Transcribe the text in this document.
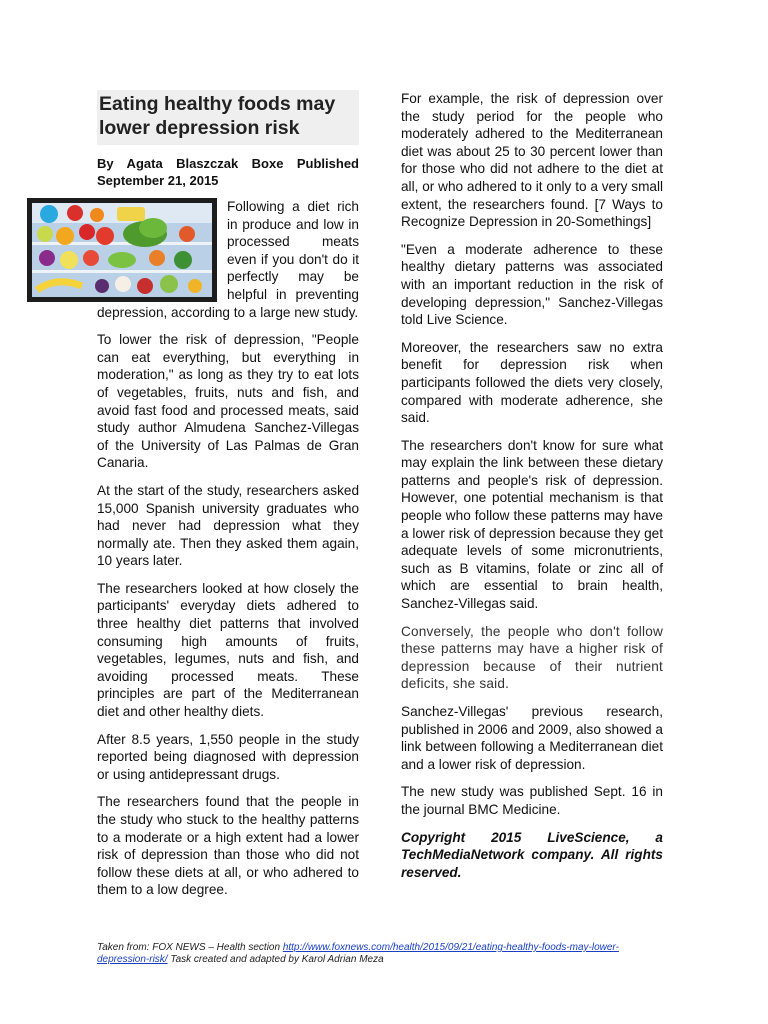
Eating healthy foods may lower depression risk
By Agata Blaszczak Boxe Published September 21, 2015

Following a diet rich in produce and low in processed meats even if you don't do it perfectly may be helpful in preventing depression, according to a large new study.

To lower the risk of depression, "People can eat everything, but everything in moderation," as long as they try to eat lots of vegetables, fruits, nuts and fish, and avoid fast food and processed meats, said study author Almudena Sanchez-Villegas of the University of Las Palmas de Gran Canaria.

At the start of the study, researchers asked 15,000 Spanish university graduates who had never had depression what they normally ate. Then they asked them again, 10 years later.

The researchers looked at how closely the participants' everyday diets adhered to three healthy diet patterns that involved consuming high amounts of fruits, vegetables, legumes, nuts and fish, and avoiding processed meats. These principles are part of the Mediterranean diet and other healthy diets.

After 8.5 years, 1,550 people in the study reported being diagnosed with depression or using antidepressant drugs.

The researchers found that the people in the study who stuck to the healthy patterns to a moderate or a high extent had a lower risk of depression than those who did not follow these diets at all, or who adhered to them to a low degree.

For example, the risk of depression over the study period for the people who moderately adhered to the Mediterranean diet was about 25 to 30 percent lower than for those who did not adhere to the diet at all, or who adhered to it only to a very small extent, the researchers found. [7 Ways to Recognize Depression in 20-Somethings]

"Even a moderate adherence to these healthy dietary patterns was associated with an important reduction in the risk of developing depression," Sanchez-Villegas told Live Science.

Moreover, the researchers saw no extra benefit for depression risk when participants followed the diets very closely, compared with moderate adherence, she said.

The researchers don't know for sure what may explain the link between these dietary patterns and people's risk of depression. However, one potential mechanism is that people who follow these patterns may have a lower risk of depression because they get adequate levels of some micronutrients, such as B vitamins, folate or zinc all of which are essential to brain health, Sanchez-Villegas said.

Conversely, the people who don't follow these patterns may have a higher risk of depression because of their nutrient deficits, she said.

Sanchez-Villegas' previous research, published in 2006 and 2009, also showed a link between following a Mediterranean diet and a lower risk of depression.

The new study was published Sept. 16 in the journal BMC Medicine.

Copyright 2015 LiveScience, a TechMediaNetwork company. All rights reserved.

Taken from: FOX NEWS – Health section http://www.foxnews.com/health/2015/09/21/eating-healthy-foods-may-lower-depression-risk/ Task created and adapted by Karol Adrian Meza
